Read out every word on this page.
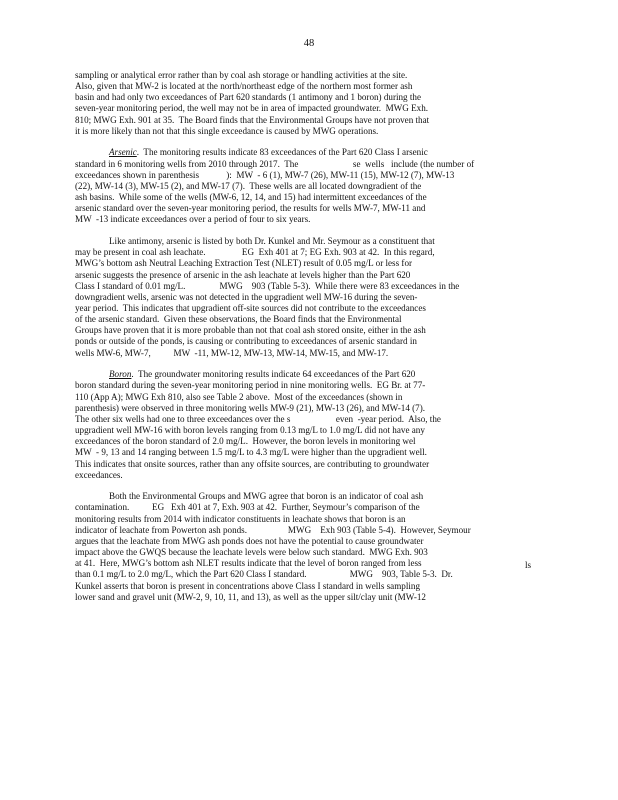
48
sampling or analytical error rather than by coal ash storage or handling activities at the site.
Also, given that MW-2 is located at the north/northeast edge of the northern most former ash
basin and had only two exceedances of Part 620 standards (1 antimony and 1 boron) during the
seven-year monitoring period, the well may not be in area of impacted groundwater.  MWG Exh.
810; MWG Exh. 901 at 35.  The Board finds that the Environmental Groups have not proven that
it is more likely than not that this single exceedance is caused by MWG operations.
Arsenic.  The monitoring results indicate 83 exceedances of the Part 620 Class I arsenic
standard in 6 monitoring wells from 2010 through 2017.  The                        se  wells   include (the number of
exceedances shown in parenthesis            ):  MW  - 6 (1), MW-7 (26), MW-11 (15), MW-12 (7), MW-13
(22), MW-14 (3), MW-15 (2), and MW-17 (7).  These wells are all located downgradient of the
ash basins.  While some of the wells (MW-6, 12, 14, and 15) had intermittent exceedances of the
arsenic standard over the seven-year monitoring period, the results for wells MW-7, MW-11 and
MW  -13 indicate exceedances over a period of four to six years.
Like antimony, arsenic is listed by both Dr. Kunkel and Mr. Seymour as a constituent that
may be present in coal ash leachate.                EG  Exh 401 at 7; EG Exh. 903 at 42.  In this regard,
MWG’s bottom ash Neutral Leaching Extraction Test (NLET) result of 0.05 mg/L or less for
arsenic suggests the presence of arsenic in the ash leachate at levels higher than the Part 620
Class I standard of 0.01 mg/L.               MWG    903 (Table 5-3).  While there were 83 exceedances in the
downgradient wells, arsenic was not detected in the upgradient well MW-16 during the seven-
year period.  This indicates that upgradient off-site sources did not contribute to the exceedances
of the arsenic standard.  Given these observations, the Board finds that the Environmental
Groups have proven that it is more probable than not that coal ash stored onsite, either in the ash
ponds or outside of the ponds, is causing or contributing to exceedances of arsenic standard in
wells MW-6, MW-7,          MW  -11, MW-12, MW-13, MW-14, MW-15, and MW-17.
Boron.  The groundwater monitoring results indicate 64 exceedances of the Part 620
boron standard during the seven-year monitoring period in nine monitoring wells.  EG Br. at 77-
110 (App A); MWG Exh 810, also see Table 2 above.  Most of the exceedances (shown in
parenthesis) were observed in three monitoring wells MW-9 (21), MW-13 (26), and MW-14 (7).
The other six wells had one to three exceedances over the s                    even  -year period.  Also, the
upgradient well MW-16 with boron levels ranging from 0.13 mg/L to 1.0 mg/L did not have any
exceedances of the boron standard of 2.0 mg/L.  However, the boron levels in monitoring wel
MW  - 9, 13 and 14 ranging between 1.5 mg/L to 4.3 mg/L were higher than the upgradient well.
This indicates that onsite sources, rather than any offsite sources, are contributing to groundwater
exceedances.
Both the Environmental Groups and MWG agree that boron is an indicator of coal ash
contamination.          EG   Exh 401 at 7, Exh. 903 at 42.  Further, Seymour’s comparison of the
monitoring results from 2014 with indicator constituents in leachate shows that boron is an
indicator of leachate from Powerton ash ponds.                  MWG    Exh 903 (Table 5-4).  However, Seymour
argues that the leachate from MWG ash ponds does not have the potential to cause groundwater
impact above the GWQS because the leachate levels were below such standard.  MWG Exh. 903
at 41.  Here, MWG’s bottom ash NLET results indicate that the level of boron ranged from less
than 0.1 mg/L to 2.0 mg/L, which the Part 620 Class I standard.                   MWG    903, Table 5-3.  Dr.
Kunkel asserts that boron is present in concentrations above Class I standard in wells sampling
lower sand and gravel unit (MW-2, 9, 10, 11, and 13), as well as the upper silt/clay unit (MW-12
ls
